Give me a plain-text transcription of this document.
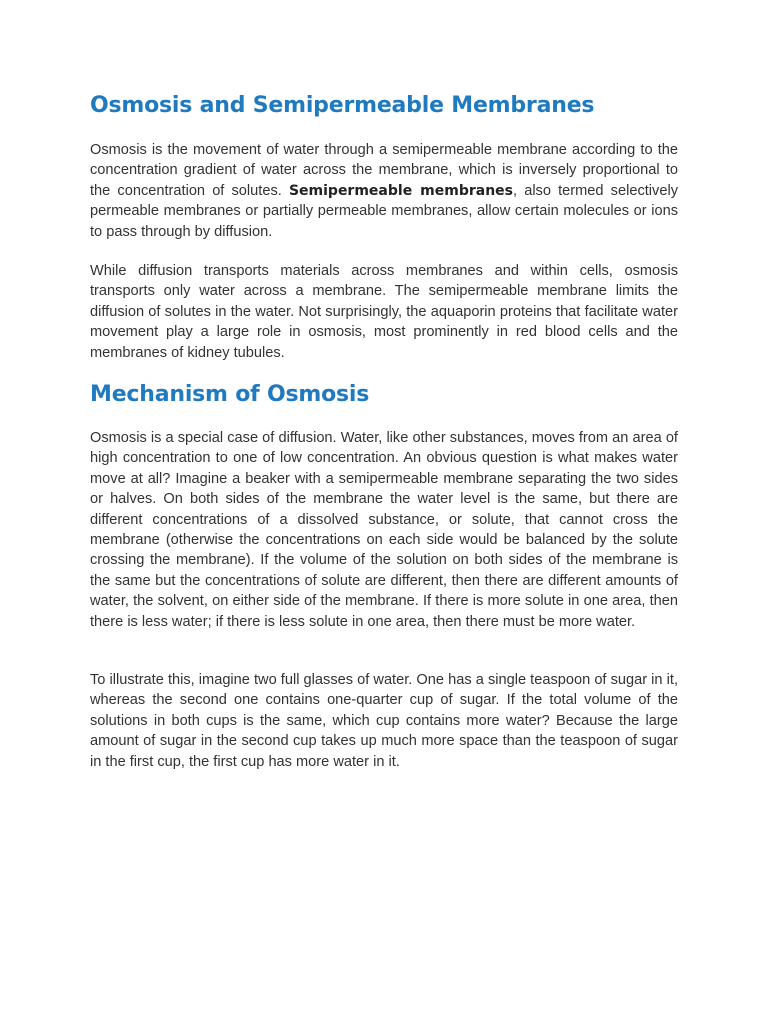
Osmosis and Semipermeable Membranes

Osmosis is the movement of water through a semipermeable membrane according to the concentration gradient of water across the membrane, which is inversely proportional to the concentration of solutes. Semipermeable membranes, also termed selectively permeable membranes or partially permeable membranes, allow certain molecules or ions to pass through by diffusion.

While diffusion transports materials across membranes and within cells, osmosis transports only water across a membrane. The semipermeable membrane limits the diffusion of solutes in the water. Not surprisingly, the aquaporin proteins that facilitate water movement play a large role in osmosis, most prominently in red blood cells and the membranes of kidney tubules.

Mechanism of Osmosis

Osmosis is a special case of diffusion. Water, like other substances, moves from an area of high concentration to one of low concentration. An obvious question is what makes water move at all? Imagine a beaker with a semipermeable membrane separating the two sides or halves. On both sides of the membrane the water level is the same, but there are different concentrations of a dissolved substance, or solute, that cannot cross the membrane (otherwise the concentrations on each side would be balanced by the solute crossing the membrane). If the volume of the solution on both sides of the membrane is the same but the concentrations of solute are different, then there are different amounts of water, the solvent, on either side of the membrane. If there is more solute in one area, then there is less water; if there is less solute in one area, then there must be more water.

To illustrate this, imagine two full glasses of water. One has a single teaspoon of sugar in it, whereas the second one contains one-quarter cup of sugar. If the total volume of the solutions in both cups is the same, which cup contains more water? Because the large amount of sugar in the second cup takes up much more space than the teaspoon of sugar in the first cup, the first cup has more water in it.
